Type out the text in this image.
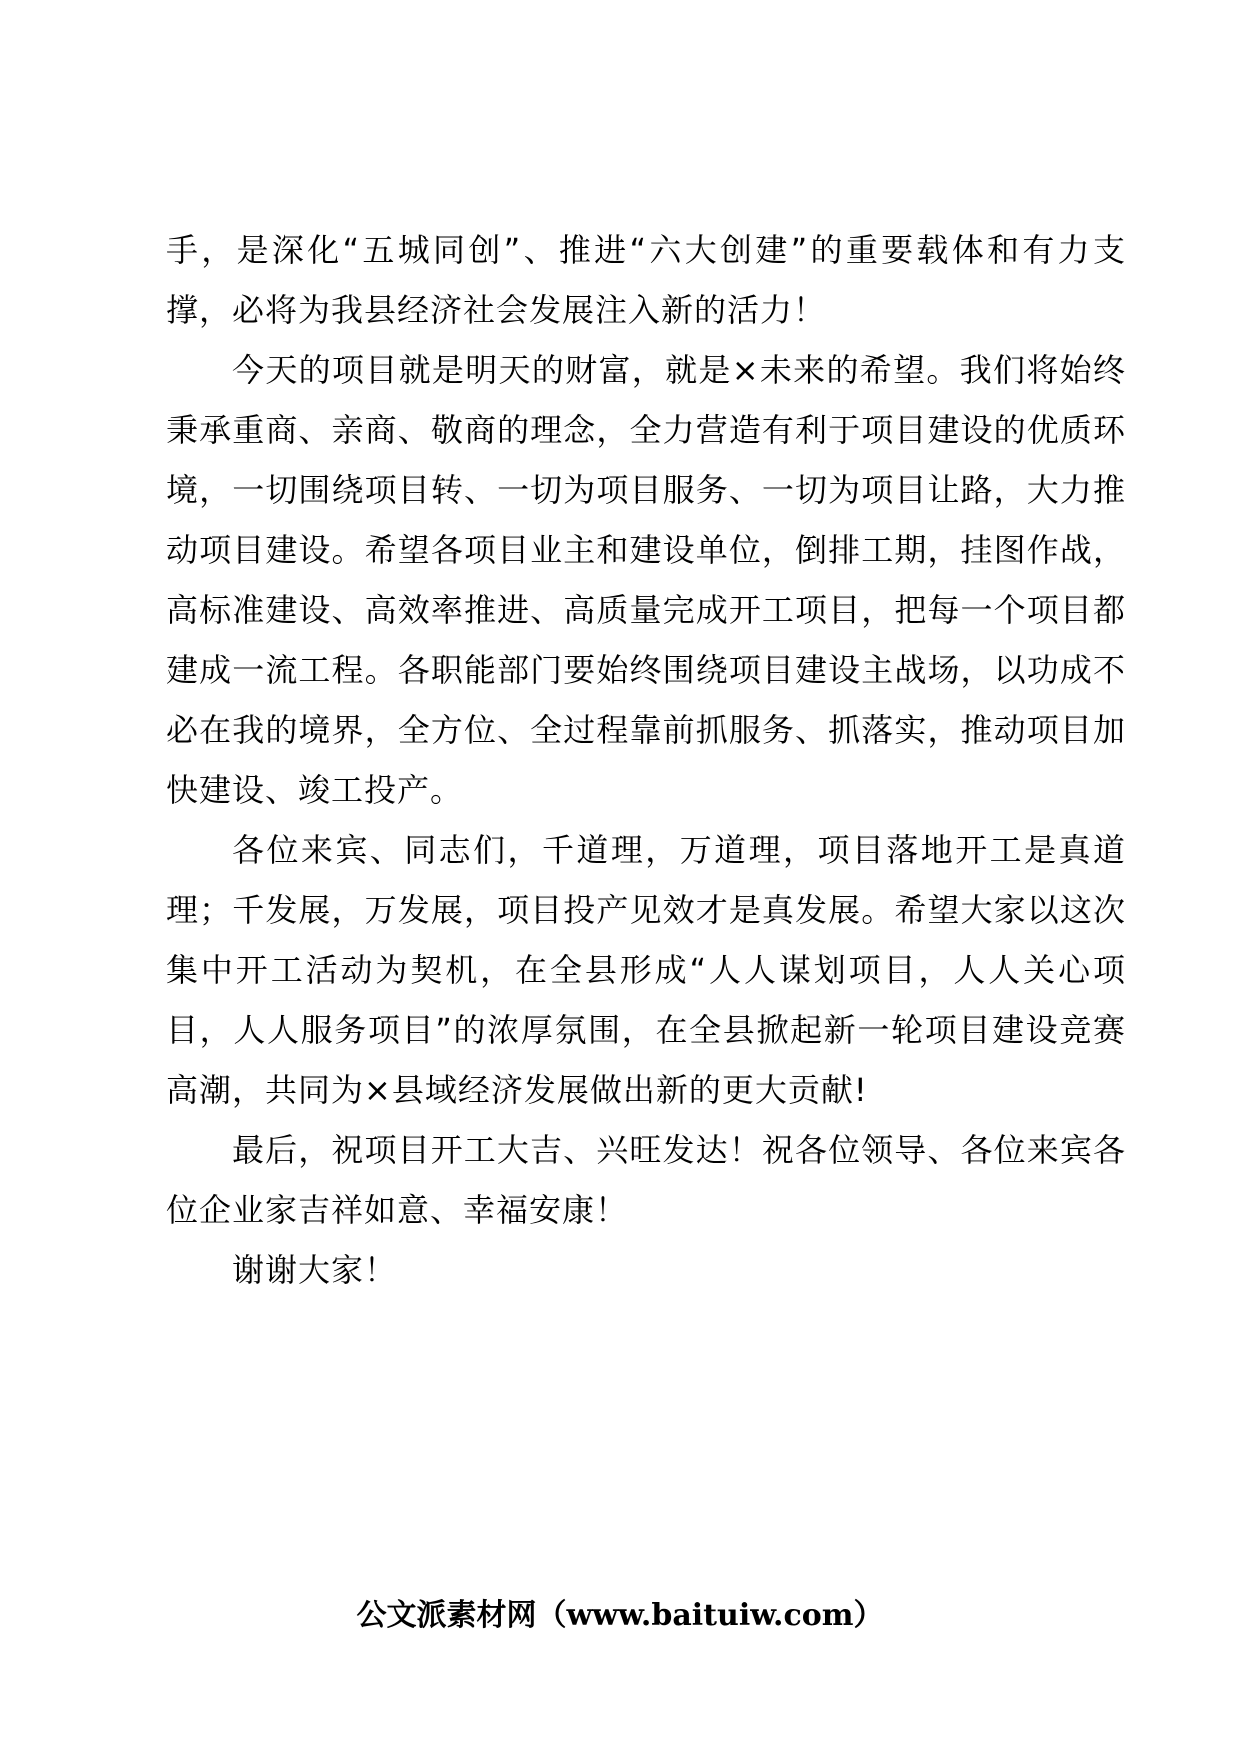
手，是深化“五城同创”、推进“六大创建”的重要载体和有力支撑，必将为我县经济社会发展注入新的活力！

今天的项目就是明天的财富，就是×未来的希望。我们将始终秉承重商、亲商、敬商的理念，全力营造有利于项目建设的优质环境，一切围绕项目转、一切为项目服务、一切为项目让路，大力推动项目建设。希望各项目业主和建设单位，倒排工期，挂图作战，高标准建设、高效率推进、高质量完成开工项目，把每一个项目都建成一流工程。各职能部门要始终围绕项目建设主战场，以功成不必在我的境界，全方位、全过程靠前抓服务、抓落实，推动项目加快建设、竣工投产。

各位来宾、同志们，千道理，万道理，项目落地开工是真道理；千发展，万发展，项目投产见效才是真发展。希望大家以这次集中开工活动为契机，在全县形成“人人谋划项目，人人关心项目，人人服务项目”的浓厚氛围，在全县掀起新一轮项目建设竞赛高潮，共同为×县域经济发展做出新的更大贡献!

最后，祝项目开工大吉、兴旺发达！祝各位领导、各位来宾各位企业家吉祥如意、幸福安康！

谢谢大家！

公文派素材网（www.baituiw.com）
